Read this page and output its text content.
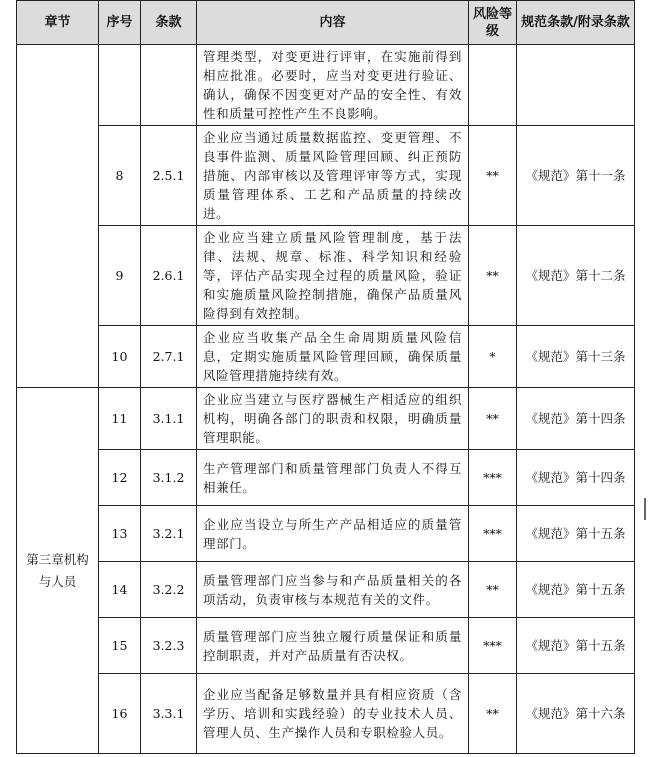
章节	序号	条款	内容	风险等级	规范条款/附录条款
			管理类型，对变更进行评审，在实施前得到相应批准。必要时，应当对变更进行验证、确认，确保不因变更对产品的安全性、有效性和质量可控性产生不良影响。		
	8	2.5.1	企业应当通过质量数据监控、变更管理、不良事件监测、质量风险管理回顾、纠正预防措施、内部审核以及管理评审等方式，实现质量管理体系、工艺和产品质量的持续改进。	**	《规范》第十一条
	9	2.6.1	企业应当建立质量风险管理制度，基于法律、法规、规章、标准、科学知识和经验等，评估产品实现全过程的质量风险，验证和实施质量风险控制措施，确保产品质量风险得到有效控制。	**	《规范》第十二条
	10	2.7.1	企业应当收集产品全生命周期质量风险信息，定期实施质量风险管理回顾，确保质量风险管理措施持续有效。	*	《规范》第十三条
第三章机构与人员	11	3.1.1	企业应当建立与医疗器械生产相适应的组织机构，明确各部门的职责和权限，明确质量管理职能。	**	《规范》第十四条
	12	3.1.2	生产管理部门和质量管理部门负责人不得互相兼任。	***	《规范》第十四条
	13	3.2.1	企业应当设立与所生产产品相适应的质量管理部门。	***	《规范》第十五条
	14	3.2.2	质量管理部门应当参与和产品质量相关的各项活动，负责审核与本规范有关的文件。	**	《规范》第十五条
	15	3.2.3	质量管理部门应当独立履行质量保证和质量控制职责，并对产品质量有否决权。	***	《规范》第十五条
	16	3.3.1	企业应当配备足够数量并具有相应资质（含学历、培训和实践经验）的专业技术人员、管理人员、生产操作人员和专职检验人员。	**	《规范》第十六条
